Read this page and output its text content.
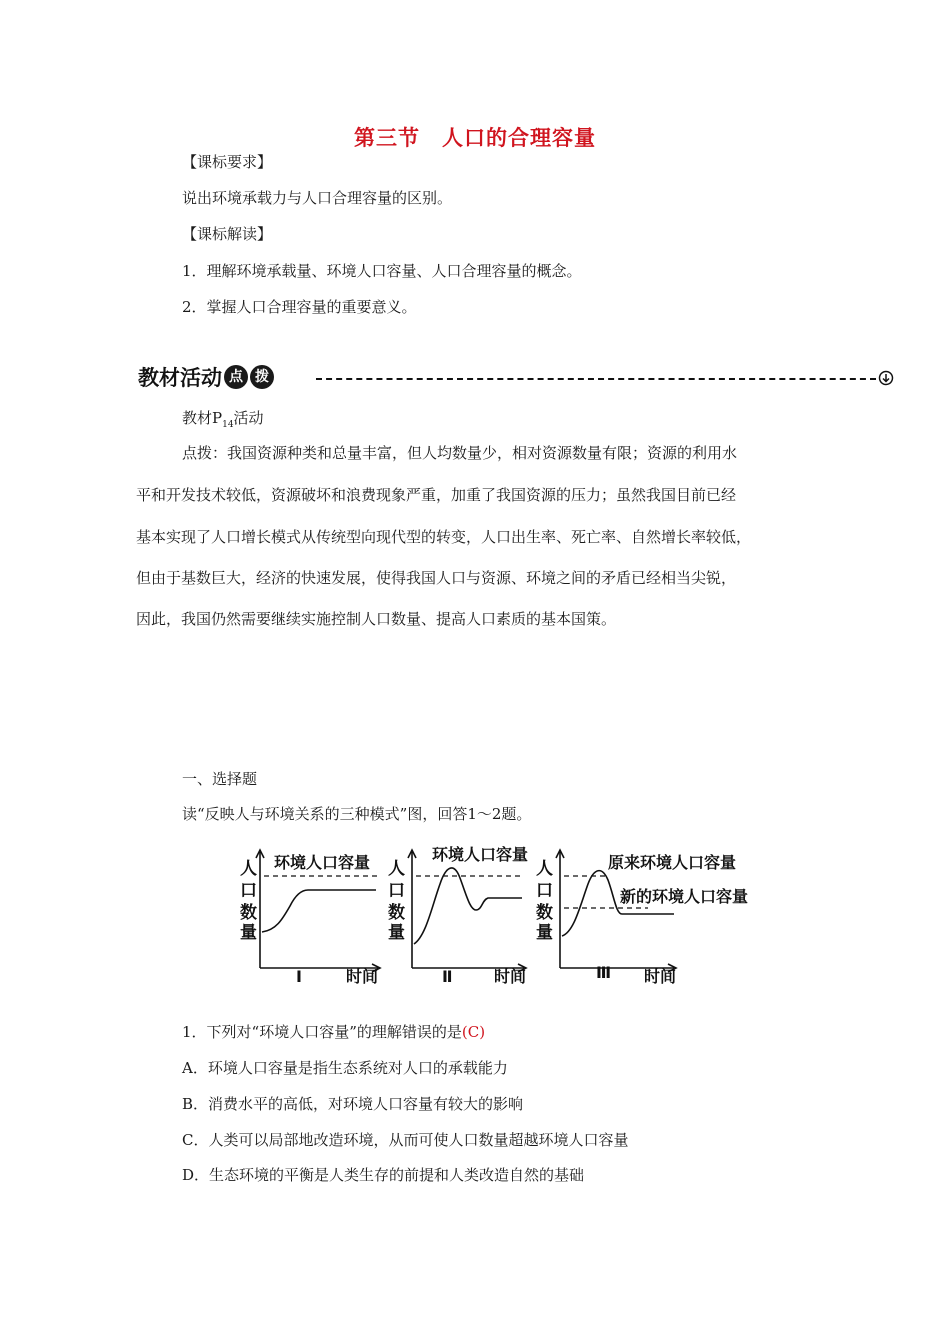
第三节　人口的合理容量
【课标要求】
说出环境承载力与人口合理容量的区别。
【课标解读】
1．理解环境承载量、环境人口容量、人口合理容量的概念。
2．掌握人口合理容量的重要意义。
教材活动 点 拨
教材$P_{14}$活动
点拨：我国资源种类和总量丰富，但人均数量少，相对资源数量有限；资源的利用水
平和开发技术较低，资源破坏和浪费现象严重，加重了我国资源的压力；虽然我国目前已经
基本实现了人口增长模式从传统型向现代型的转变，人口出生率、死亡率、自然增长率较低，
但由于基数巨大，经济的快速发展，使得我国人口与资源、环境之间的矛盾已经相当尖锐，
因此，我国仍然需要继续实施控制人口数量、提高人口素质的基本国策。
一、选择题
读“反映人与环境关系的三种模式”图，回答1～2题。
环境人口容量
人
口
数
量
Ⅰ	时间
环境人口容量
人
口
数
量
Ⅱ	时间
原来环境人口容量
新的环境人口容量
人
口
数
量
Ⅲ 时间
1．下列对“环境人口容量”的理解错误的是(C)
A．环境人口容量是指生态系统对人口的承载能力
B．消费水平的高低，对环境人口容量有较大的影响
C．人类可以局部地改造环境，从而可使人口数量超越环境人口容量
D．生态环境的平衡是人类生存的前提和人类改造自然的基础
